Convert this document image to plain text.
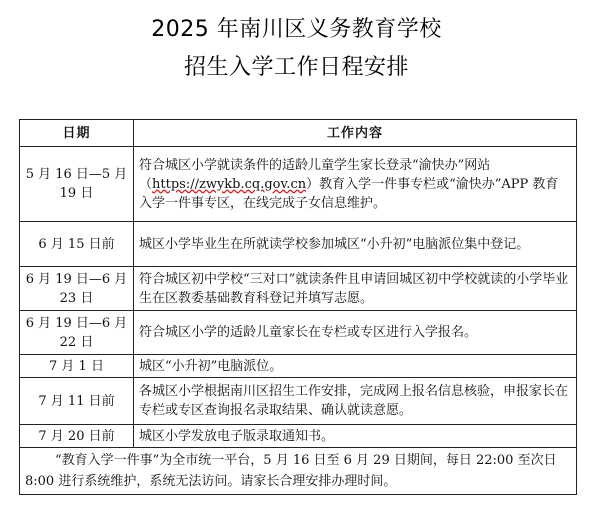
2025 年南川区义务教育学校
招生入学工作日程安排
日期	工作内容
5 月 16 日—5 月 19 日	符合城区小学就读条件的适龄儿童学生家长登录“渝快办”网站（https://zwykb.cq.gov.cn）教育入学一件事专栏或“渝快办”APP 教育入学一件事专区，在线完成子女信息维护。
6 月 15 日前	城区小学毕业生在所就读学校参加城区“小升初”电脑派位集中登记。
6 月 19 日—6 月 23 日	符合城区初中学校“三对口”就读条件且申请回城区初中学校就读的小学毕业生在区教委基础教育科登记并填写志愿。
6 月 19 日—6 月 22 日	符合城区小学的适龄儿童家长在专栏或专区进行入学报名。
7 月 1 日	城区“小升初”电脑派位。
7 月 11 日前	各城区小学根据南川区招生工作安排，完成网上报名信息核验，申报家长在专栏或专区查询报名录取结果、确认就读意愿。
7 月 20 日前	城区小学发放电子版录取通知书。
“教育入学一件事”为全市统一平台，5 月 16 日至 6 月 29 日期间，每日 22:00 至次日 8:00 进行系统维护，系统无法访问。请家长合理安排办理时间。	
